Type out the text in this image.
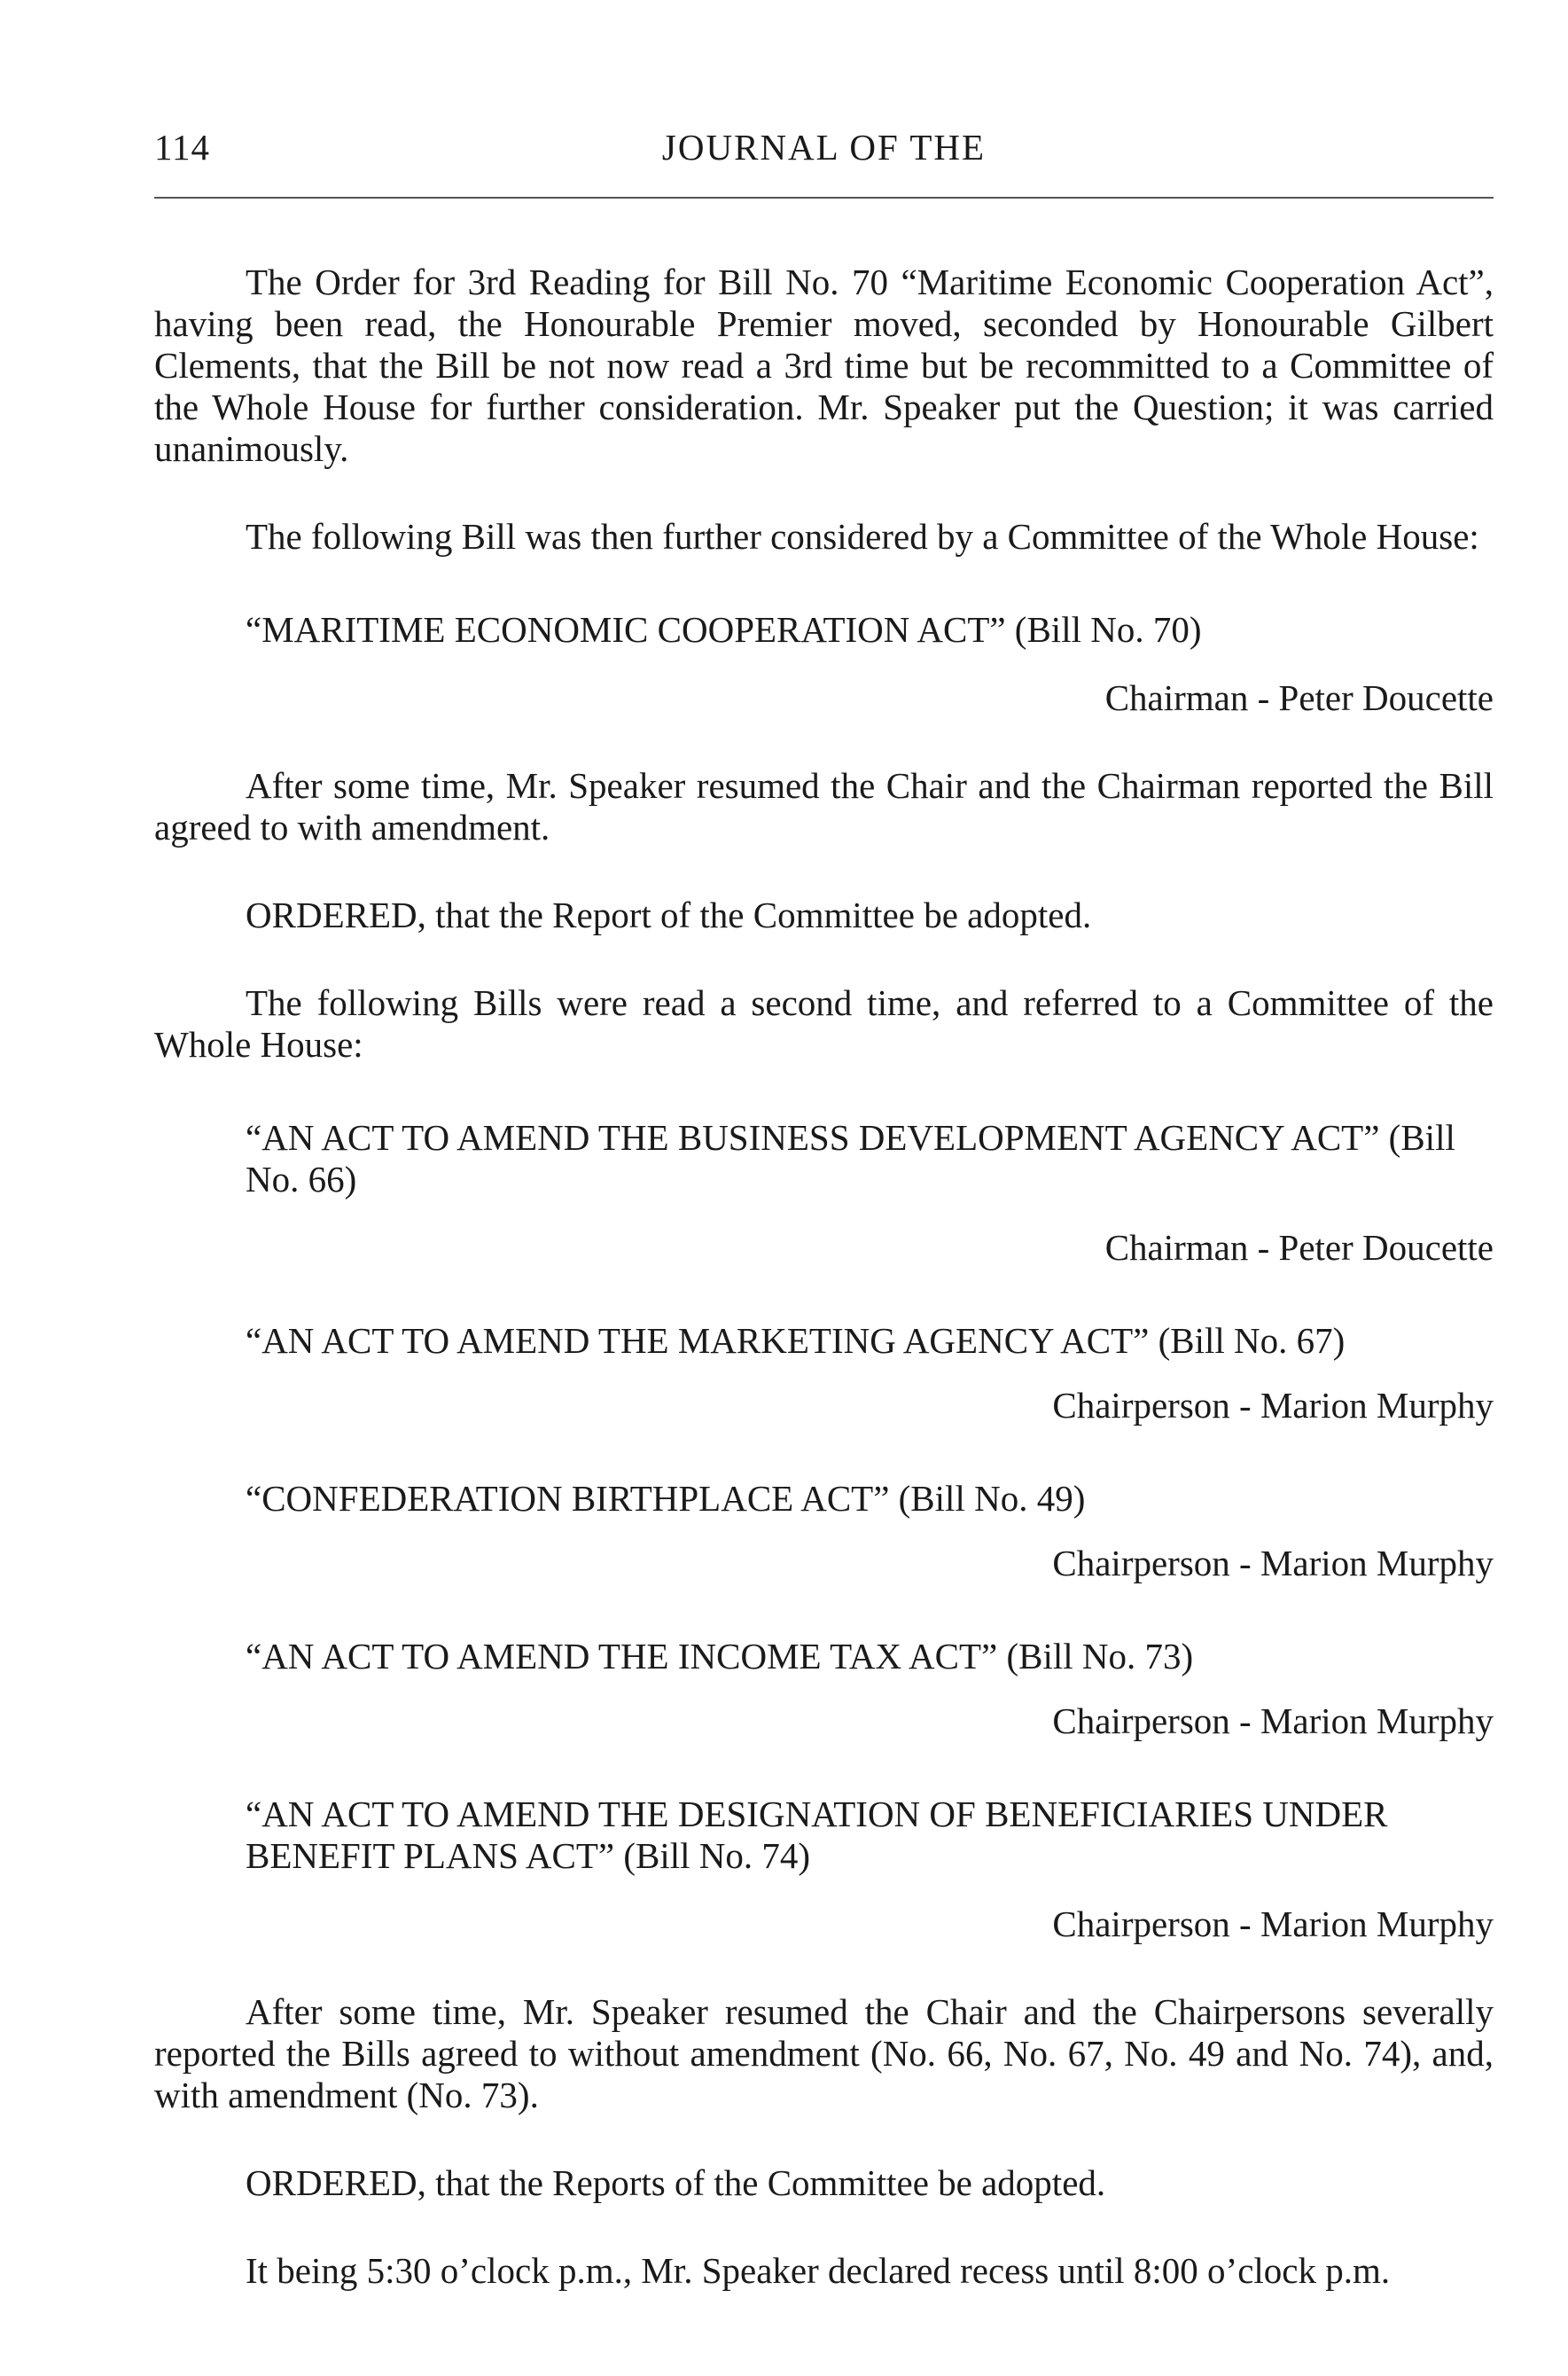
114	JOURNAL OF THE

The Order for 3rd Reading for Bill No. 70 “Maritime Economic Cooperation Act”, having been read, the Honourable Premier moved, seconded by Honourable Gilbert Clements, that the Bill be not now read a 3rd time but be recommitted to a Committee of the Whole House for further consideration. Mr. Speaker put the Question; it was carried unanimously.

The following Bill was then further considered by a Committee of the Whole House:

“MARITIME ECONOMIC COOPERATION ACT” (Bill No. 70)

Chairman - Peter Doucette

After some time, Mr. Speaker resumed the Chair and the Chairman reported the Bill agreed to with amendment.

ORDERED, that the Report of the Committee be adopted.

The following Bills were read a second time, and referred to a Committee of the Whole House:

“AN ACT TO AMEND THE BUSINESS DEVELOPMENT AGENCY ACT” (Bill No. 66)

Chairman - Peter Doucette

“AN ACT TO AMEND THE MARKETING AGENCY ACT” (Bill No. 67)

Chairperson - Marion Murphy

“CONFEDERATION BIRTHPLACE ACT” (Bill No. 49)

Chairperson - Marion Murphy

“AN ACT TO AMEND THE INCOME TAX ACT” (Bill No. 73)

Chairperson - Marion Murphy

“AN ACT TO AMEND THE DESIGNATION OF BENEFICIARIES UNDER BENEFIT PLANS ACT” (Bill No. 74)

Chairperson - Marion Murphy

After some time, Mr. Speaker resumed the Chair and the Chairpersons severally reported the Bills agreed to without amendment (No. 66, No. 67, No. 49 and No. 74), and, with amendment (No. 73).

ORDERED, that the Reports of the Committee be adopted.

It being 5:30 o’clock p.m., Mr. Speaker declared recess until 8:00 o’clock p.m.
